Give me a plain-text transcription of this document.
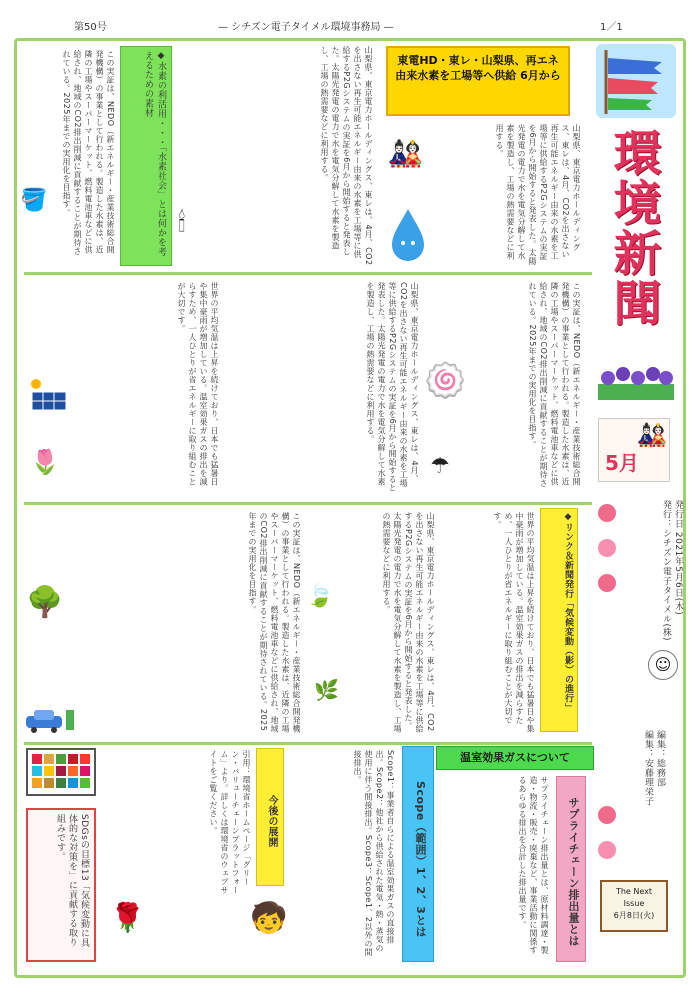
第50号	— シチズン電子タイメル環境事務局 —	1／1
環境新聞
5月
🎎
発行日 2021年5月6日(木)
発行：シチズン電子タイメル(株)
☺
編集：総務部
編集：安藤理栄子
The Next
Issue
6月8日(火)
東電HD・東レ・山梨県、再エネ由来水素を工場等へ供給 6月から
山梨県、東京電力ホールディングス、東レは、4月、CO2を出さない再生可能エネルギー由来の水素を工場等に供給するP2Gシステムの実証を6月から開始すると発表した。太陽光発電の電力で水を電気分解して水素を製造し、工場の熱需要などに利用する。
山梨県、東京電力ホールディングス、東レは、4月、CO2を出さない再生可能エネルギー由来の水素を工場等に供給するP2Gシステムの実証を6月から開始すると発表した。太陽光発電の電力で水を電気分解して水素を製造し、工場の熱需要などに利用する。	🎎
◆水素の利活用・・・「水素社会」とは何かを考えるための素材
🕯
この実証は、NEDO（新エネルギー・産業技術総合開発機構）の事業として行われる。製造した水素は、近隣の工場やスーパーマーケット、燃料電池車などに供給され、地域のCO2排出削減に貢献することが期待されている。2025年までの実用化を目指す。
🪣
この実証は、NEDO（新エネルギー・産業技術総合開発機構）の事業として行われる。製造した水素は、近隣の工場やスーパーマーケット、燃料電池車などに供給され、地域のCO2排出削減に貢献することが期待されている。2025年までの実用化を目指す。
山梨県、東京電力ホールディングス、東レは、4月、CO2を出さない再生可能エネルギー由来の水素を工場等に供給するP2Gシステムの実証を6月から開始すると発表した。太陽光発電の電力で水を電気分解して水素を製造し、工場の熱需要などに利用する。	🍥
☂
世界の平均気温は上昇を続けており、日本でも猛暑日や集中豪雨が増加している。温室効果ガスの排出を減らすため、一人ひとりが省エネルギーに取り組むことが大切です。
🌷
◆リンク＆新聞発行「気候変動（影）の進行」
世界の平均気温は上昇を続けており、日本でも猛暑日や集中豪雨が増加している。温室効果ガスの排出を減らすため、一人ひとりが省エネルギーに取り組むことが大切です。
山梨県、東京電力ホールディングス、東レは、4月、CO2を出さない再生可能エネルギー由来の水素を工場等に供給するP2Gシステムの実証を6月から開始すると発表した。太陽光発電の電力で水を電気分解して水素を製造し、工場の熱需要などに利用する。
🍃
🌿
この実証は、NEDO（新エネルギー・産業技術総合開発機構）の事業として行われる。製造した水素は、近隣の工場やスーパーマーケット、燃料電池車などに供給され、地域のCO2排出削減に貢献することが期待されている。2025年までの実用化を目指す。
🌳
SDGsの目標13「気候変動に具体的な対策を」に貢献する取り組みです。
温室効果ガスについて
サプライチェーン排出量とは
サプライチェーン排出量とは、原材料調達・製造・物流・販売・廃棄など、事業活動に関係するあらゆる排出を合計した排出量です。
Scope（範囲）1、2、3とは
Scope1：事業者自らによる温室効果ガスの直接排出。Scope2：他社から供給された電気・熱・蒸気の使用に伴う間接排出。Scope3：Scope1、2以外の間接排出。
今後の展開
引用：環境省ホームページ「グリーン・バリューチェーンプラットフォーム」より。詳しくは環境省のウェブサイトをご覧ください。
🧒
🌹
